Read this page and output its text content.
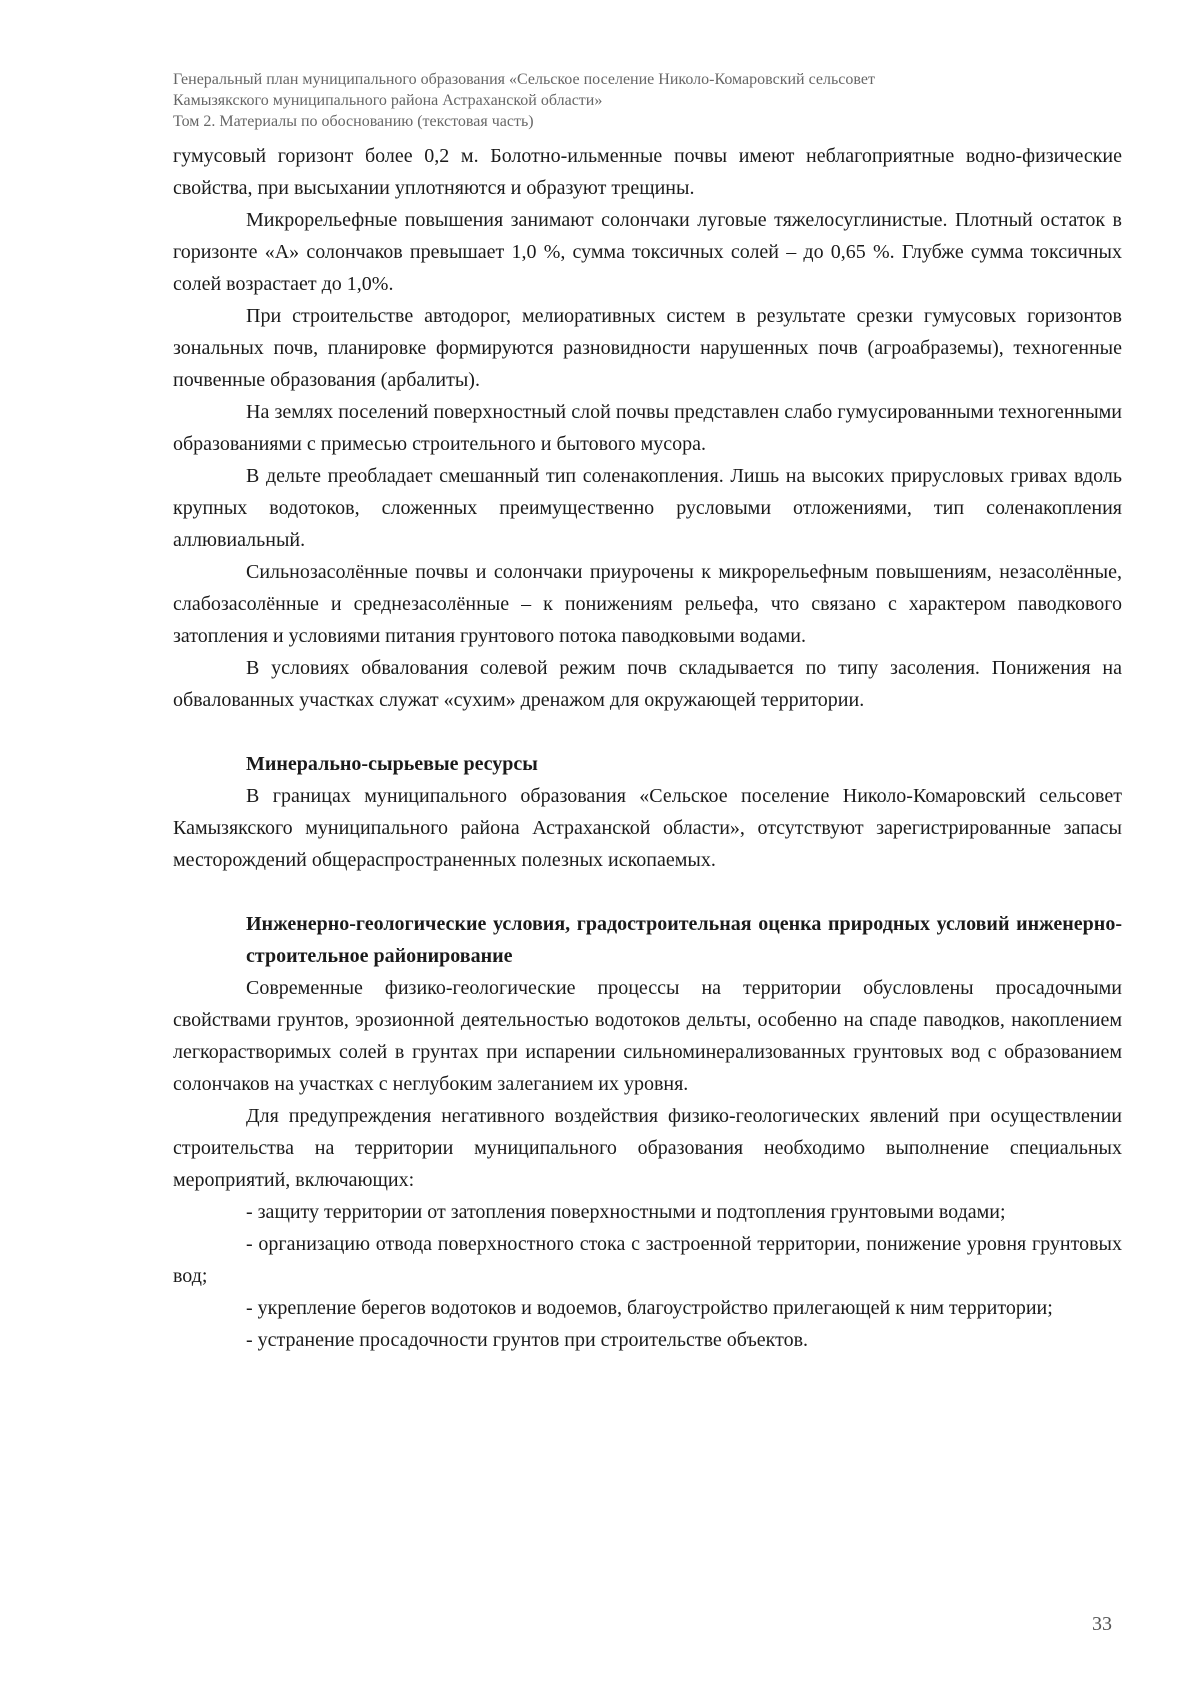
Генеральный план муниципального образования «Сельское поселение Николо-Комаровский сельсовет
Камызякского муниципального района Астраханской области»
Том 2. Материалы по обоснованию (текстовая часть)

гумусовый горизонт более 0,2 м. Болотно-ильменные почвы имеют неблагоприятные водно-физические свойства, при высыхании уплотняются и образуют трещины.

Микрорельефные повышения занимают солончаки луговые тяжелосуглинистые. Плотный остаток в горизонте «А» солончаков превышает 1,0 %, сумма токсичных солей – до 0,65 %. Глубже сумма токсичных солей возрастает до 1,0%.

При строительстве автодорог, мелиоративных систем в результате срезки гумусовых горизонтов зональных почв, планировке формируются разновидности нарушенных почв (агроабраземы), техногенные почвенные образования (арбалиты).

На землях поселений поверхностный слой почвы представлен слабо гумусированными техногенными образованиями с примесью строительного и бытового мусора.

В дельте преобладает смешанный тип соленакопления. Лишь на высоких прирусловых гривах вдоль крупных водотоков, сложенных преимущественно русловыми отложениями, тип соленакопления аллювиальный.

Сильнозасолённые почвы и солончаки приурочены к микрорельефным повышениям, незасолённые, слабозасолённые и среднезасолённые – к понижениям рельефа, что связано с характером паводкового затопления и условиями питания грунтового потока паводковыми водами.

В условиях обвалования солевой режим почв складывается по типу засоления. Понижения на обвалованных участках служат «сухим» дренажом для окружающей территории.

Минерально-сырьевые ресурсы

В границах муниципального образования «Сельское поселение Николо-Комаровский сельсовет Камызякского муниципального района Астраханской области», отсутствуют зарегистрированные запасы месторождений общераспространенных полезных ископаемых.

Инженерно-геологические условия, градостроительная оценка природных условий инженерно-строительное районирование

Современные физико-геологические процессы на территории обусловлены просадочными свойствами грунтов, эрозионной деятельностью водотоков дельты, особенно на спаде паводков, накоплением легкорастворимых солей в грунтах при испарении сильноминерализованных грунтовых вод с образованием солончаков на участках с неглубоким залеганием их уровня.

Для предупреждения негативного воздействия физико-геологических явлений при осуществлении строительства на территории муниципального образования необходимо выполнение специальных мероприятий, включающих:

- защиту территории от затопления поверхностными и подтопления грунтовыми водами;

- организацию отвода поверхностного стока с застроенной территории, понижение уровня грунтовых вод;

- укрепление берегов водотоков и водоемов, благоустройство прилегающей к ним территории;

- устранение просадочности грунтов при строительстве объектов.

33
